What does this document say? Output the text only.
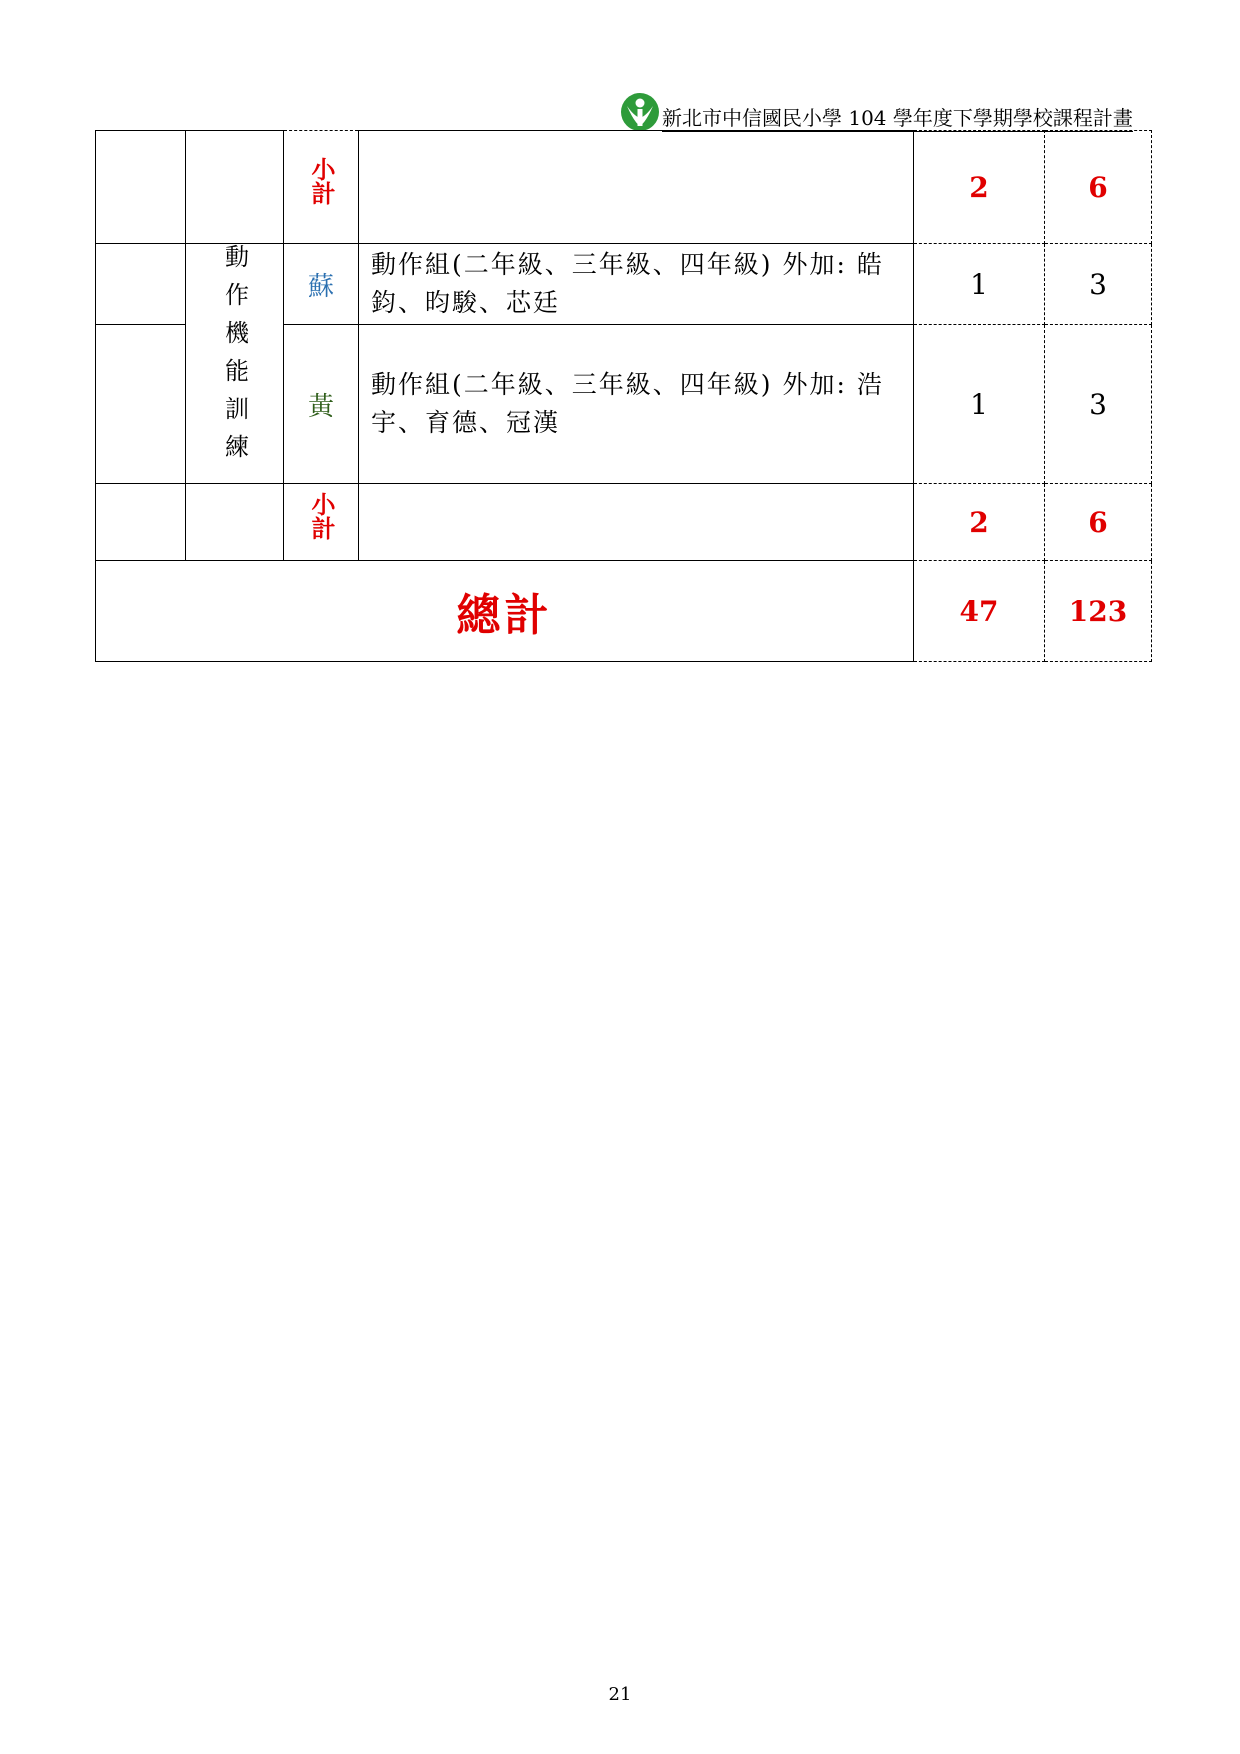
新北市中信國民小學 104 學年度下學期學校課程計畫

		小計		2	6
	動作機能訓練	蘇	動作組(二年級、三年級、四年級) 外加: 皓鈞、昀駿、芯廷	1	3
		黃	動作組(二年級、三年級、四年級) 外加: 浩宇、育德、冠漢	1	3

		小計		2	6
總計				47	123
21
